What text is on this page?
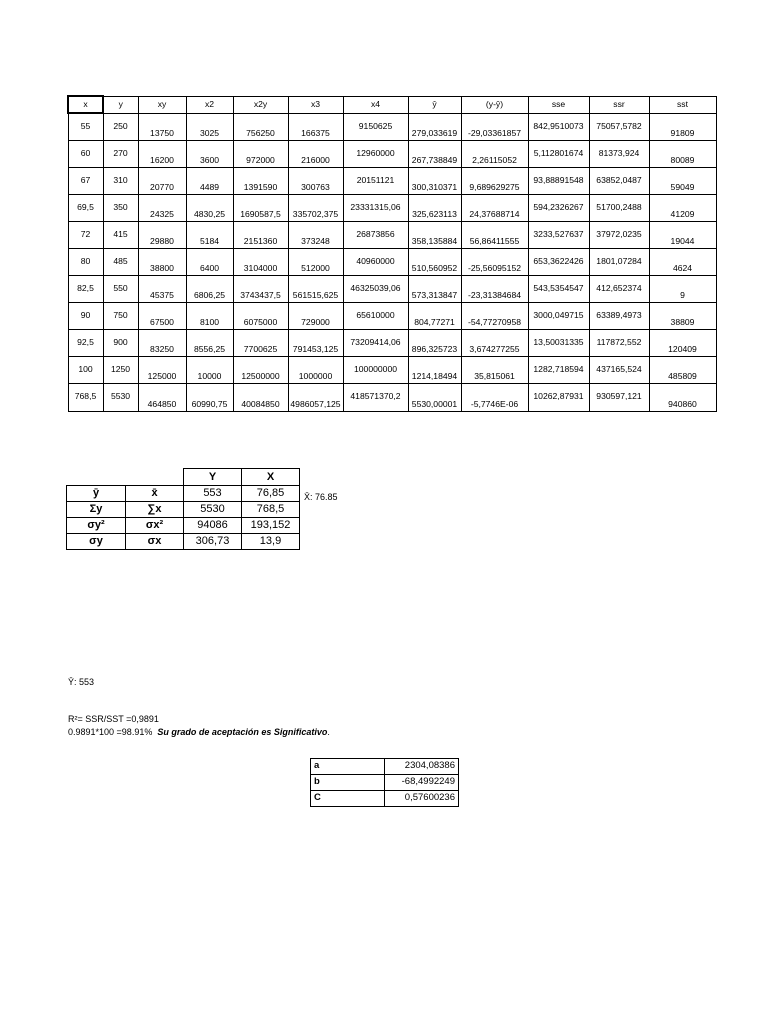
x	y	xy	x2	x2y	x3	x4	ŷ	(y-ŷ)	sse	ssr	sst
55	250	13750	3025	756250	166375	9150625	279,033619	-29,03361857	842,9510073	75057,5782	91809
60	270	16200	3600	972000	216000	12960000	267,738849	2,26115052	5,112801674	81373,924	80089
67	310	20770	4489	1391590	300763	20151121	300,310371	9,689629275	93,88891548	63852,0487	59049
69,5	350	24325	4830,25	1690587,5	335702,375	23331315,06	325,623113	24,37688714	594,2326267	51700,2488	41209
72	415	29880	5184	2151360	373248	26873856	358,135884	56,86411555	3233,527637	37972,0235	19044
80	485	38800	6400	3104000	512000	40960000	510,560952	-25,56095152	653,3622426	1801,07284	4624
82,5	550	45375	6806,25	3743437,5	561515,625	46325039,06	573,313847	-23,31384684	543,5354547	412,652374	9
90	750	67500	8100	6075000	729000	65610000	804,77271	-54,77270958	3000,049715	63389,4973	38809
92,5	900	83250	8556,25	7700625	791453,125	73209414,06	896,325723	3,674277255	13,50031335	117872,552	120409
100	1250	125000	10000	12500000	1000000	100000000	1214,18494	35,815061	1282,718594	437165,524	485809
768,5	5530	464850	60990,75	40084850	4986057,125	418571370,2	5530,00001	-5,7746E-06	10262,87931	930597,121	940860
		Y	X
ȳ	x̄	553	76,85
Σy	∑x	5530	768,5
σy²	σx²	94086	193,152
σy	σx	306,73	13,9
X̄: 76.85
Ȳ: 553
R²= SSR/SST =0,9891
0.9891*100 =98.91% Su grado de aceptación es Significativo.
a	2304,08386
b	-68,4992249
C	0,57600236
